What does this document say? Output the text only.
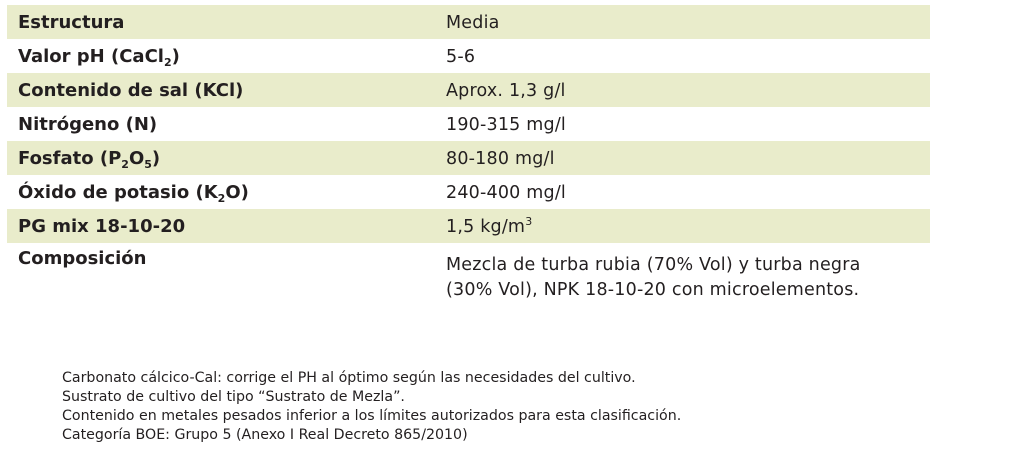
Estructura	Media
Valor pH (CaCl$_2$)	5-6
Contenido de sal (KCl)	Aprox. 1,3 g/l
Nitrógeno (N)	190-315 mg/l
Fosfato $(P_2O_5)$	80-180 mg/l
Óxido de potasio $(K_2O)$	240-400 mg/l
PG mix 18-10-20	1,5 $kg/m^3$
Composición	Mezcla de turba rubia (70% Vol) y turba negra
(30% Vol), NPK 18-10-20 con microelementos.
Carbonato cálcico-Cal: corrige el PH al óptimo según las necesidades del cultivo.
Sustrato de cultivo del tipo “Sustrato de Mezla”.
Contenido en metales pesados inferior a los límites autorizados para esta clasificación.
Categoría BOE: Grupo 5 (Anexo I Real Decreto 865/2010)
